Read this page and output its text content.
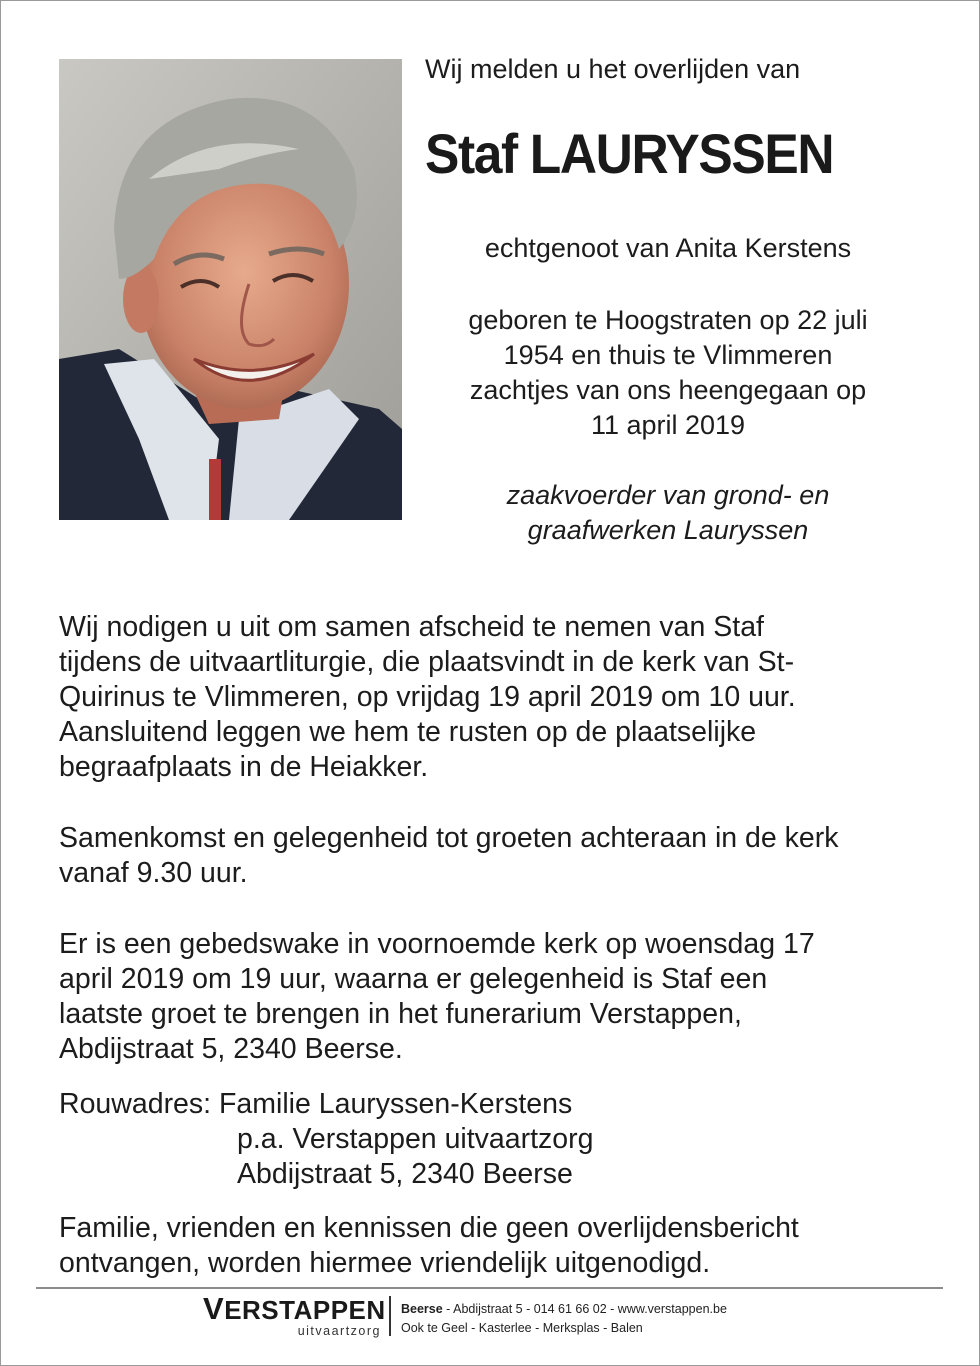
Wij melden u het overlijden van
Staf LAURYSSEN
echtgenoot van Anita Kerstens
geboren te Hoogstraten op 22 juli
1954 en thuis te Vlimmeren
zachtjes van ons heengegaan op
11 april 2019
zaakvoerder van grond- en
graafwerken Lauryssen
Wij nodigen u uit om samen afscheid te nemen van Staf
tijdens de uitvaartliturgie, die plaatsvindt in de kerk van St-
Quirinus te Vlimmeren, op vrijdag 19 april 2019 om 10 uur.
Aansluitend leggen we hem te rusten op de plaatselijke
begraafplaats in de Heiakker.
Samenkomst en gelegenheid tot groeten achteraan in de kerk
vanaf 9.30 uur.
Er is een gebedswake in voornoemde kerk op woensdag 17
april 2019 om 19 uur, waarna er gelegenheid is Staf een
laatste groet te brengen in het funerarium Verstappen,
Abdijstraat 5, 2340 Beerse.
Rouwadres: Familie Lauryssen-Kerstens
p.a. Verstappen uitvaartzorg
Abdijstraat 5, 2340 Beerse
Familie, vrienden en kennissen die geen overlijdensbericht
ontvangen, worden hiermee vriendelijk uitgenodigd.
VERSTAPPEN
uitvaartzorg
Beerse - Abdijstraat 5 - 014 61 66 02 - www.verstappen.be
Ook te Geel - Kasterlee - Merksplas - Balen
